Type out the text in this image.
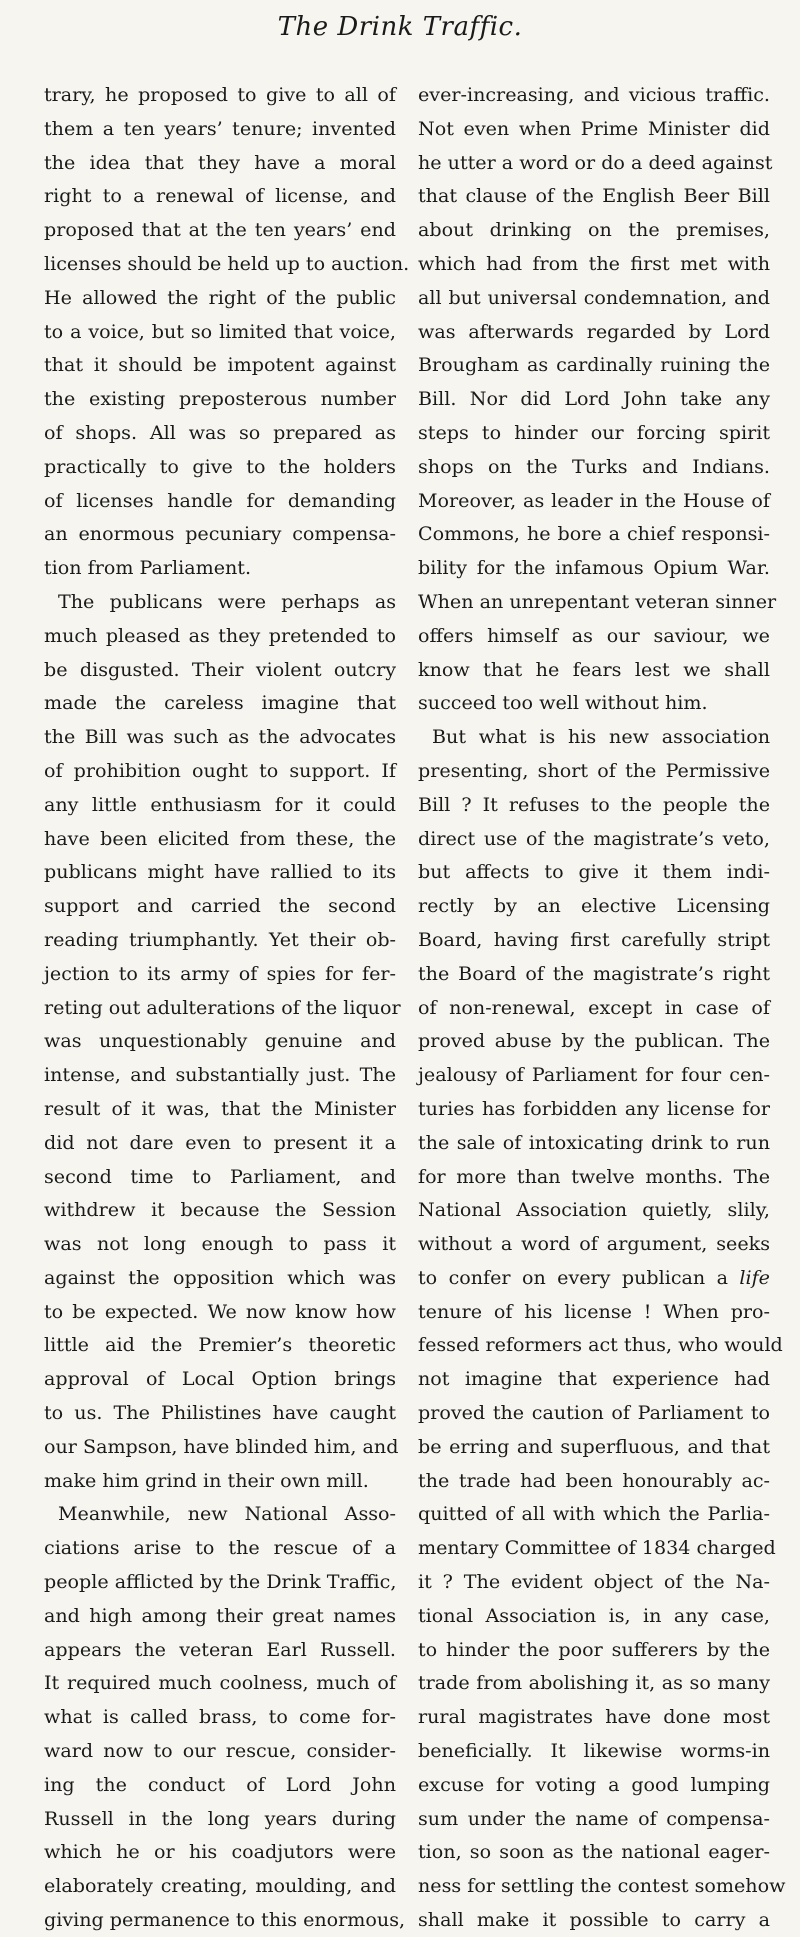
The Drink Traffic.
trary, he proposed to give to all of
them a ten years’ tenure; invented
the idea that they have a moral
right to a renewal of license, and
proposed that at the ten years’ end
licenses should be held up to auction.
He allowed the right of the public
to a voice, but so limited that voice,
that it should be impotent against
the existing preposterous number
of shops. All was so prepared as
practically to give to the holders
of licenses handle for demanding
an enormous pecuniary compensa-
tion from Parliament.
The publicans were perhaps as
much pleased as they pretended to
be disgusted. Their violent outcry
made the careless imagine that
the Bill was such as the advocates
of prohibition ought to support. If
any little enthusiasm for it could
have been elicited from these, the
publicans might have rallied to its
support and carried the second
reading triumphantly. Yet their ob-
jection to its army of spies for fer-
reting out adulterations of the liquor
was unquestionably genuine and
intense, and substantially just. The
result of it was, that the Minister
did not dare even to present it a
second time to Parliament, and
withdrew it because the Session
was not long enough to pass it
against the opposition which was
to be expected. We now know how
little aid the Premier’s theoretic
approval of Local Option brings
to us. The Philistines have caught
our Sampson, have blinded him, and
make him grind in their own mill.
Meanwhile, new National Asso-
ciations arise to the rescue of a
people afflicted by the Drink Traffic,
and high among their great names
appears the veteran Earl Russell.
It required much coolness, much of
what is called brass, to come for-
ward now to our rescue, consider-
ing the conduct of Lord John
Russell in the long years during
which he or his coadjutors were
elaborately creating, moulding, and
giving permanence to this enormous,
ever-increasing, and vicious traffic.
Not even when Prime Minister did
he utter a word or do a deed against
that clause of the English Beer Bill
about drinking on the premises,
which had from the first met with
all but universal condemnation, and
was afterwards regarded by Lord
Brougham as cardinally ruining the
Bill. Nor did Lord John take any
steps to hinder our forcing spirit
shops on the Turks and Indians.
Moreover, as leader in the House of
Commons, he bore a chief responsi-
bility for the infamous Opium War.
When an unrepentant veteran sinner
offers himself as our saviour, we
know that he fears lest we shall
succeed too well without him.
But what is his new association
presenting, short of the Permissive
Bill ? It refuses to the people the
direct use of the magistrate’s veto,
but affects to give it them indi-
rectly by an elective Licensing
Board, having first carefully stript
the Board of the magistrate’s right
of non-renewal, except in case of
proved abuse by the publican. The
jealousy of Parliament for four cen-
turies has forbidden any license for
the sale of intoxicating drink to run
for more than twelve months. The
National Association quietly, slily,
without a word of argument, seeks
to confer on every publican a life
tenure of his license ! When pro-
fessed reformers act thus, who would
not imagine that experience had
proved the caution of Parliament to
be erring and superfluous, and that
the trade had been honourably ac-
quitted of all with which the Parlia-
mentary Committee of 1834 charged
it ? The evident object of the Na-
tional Association is, in any case,
to hinder the poor sufferers by the
trade from abolishing it, as so many
rural magistrates have done most
beneficially. It likewise worms-in
excuse for voting a good lumping
sum under the name of compensa-
tion, so soon as the national eager-
ness for settling the contest somehow
shall make it possible to carry a
